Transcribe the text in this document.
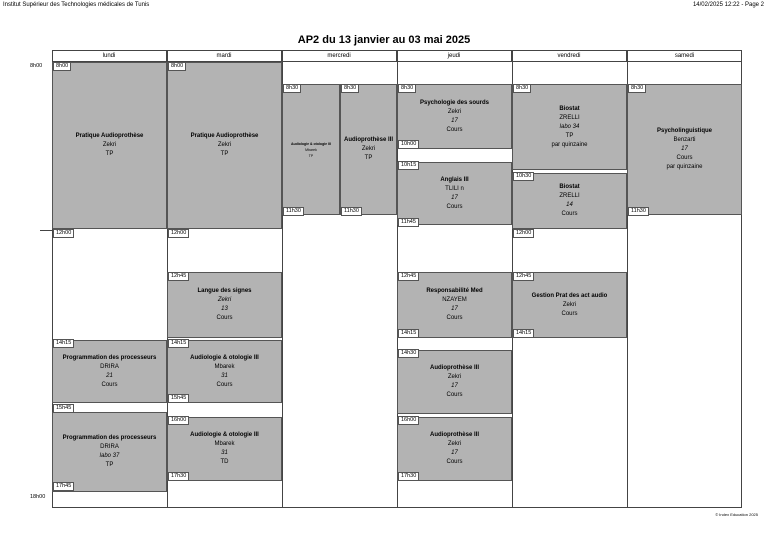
Institut Supérieur des Technologies médicales de Tunis	14/02/2025 12:22 - Page 2
AP2 du 13 janvier au 03 mai 2025
lundi	mardi	mercredi	jeudi	vendredi	samedi
8h00
18h00
Pratique Audioprothèse
Zekri
TP
8h00
12h00
Programmation des processeurs
DRIRA
21
Cours
14h15
Programmation des processeurs
DRIRA
labo 37
TP
15h45
17h45
Pratique Audioprothèse
Zekri
TP
8h00
12h00
Langue des signes
Zekri
13
Cours
12h45
Audiologie & otologie III
Mbarek
31
Cours
14h15
15h45
Audiologie & otologie III
Mbarek
31
TD
16h00
17h30
Audiologie & otologie III
Mbarek
TP
8h30
11h30
Audioprothèse III
Zekri
TP
8h30
11h30
Psychologie des sourds
Zekri
17
Cours
8h30
10h00
Anglais III
TLILI n
17
Cours
10h15
11h45
Responsabilité Med
NZAYEM
17
Cours
12h45
14h15
Audioprothèse III
Zekri
17
Cours
14h30
Audioprothèse III
Zekri
17
Cours
16h00
17h30
Biostat
ZRELLI
labo 34
TP
par quinzaine
8h30
Biostat
ZRELLI
14
Cours
10h30
12h00
Gestion Prat des act audio
Zekri
Cours
12h45
14h15
Psycholinguistique
Benzarti
17
Cours
par quinzaine
8h30
11h30
© Index Education 2025
